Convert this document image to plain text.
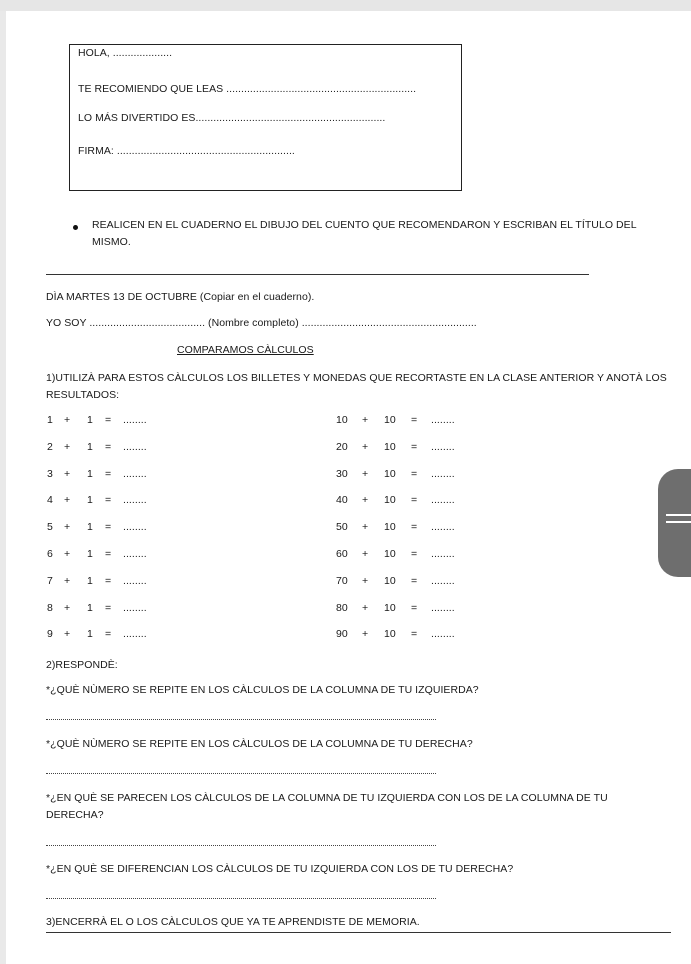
HOLA, ....................
TE RECOMIENDO QUE LEAS ................................................................
LO MÁS DIVERTIDO ES................................................................
FIRMA: ............................................................
REALICEN EN EL CUADERNO EL DIBUJO DEL CUENTO QUE RECOMENDARON Y ESCRIBAN EL TÍTULO DEL
MISMO.
DÌA MARTES 13 DE OCTUBRE (Copiar en el cuaderno).
YO SOY ....................................... (Nombre completo) ...........................................................
COMPARAMOS CÀLCULOS
1)UTILIZÀ PARA ESTOS CÀLCULOS LOS BILLETES Y MONEDAS QUE RECORTASTE EN LA CLASE ANTERIOR Y ANOTÀ LOS
RESULTADOS:
2)RESPONDÈ:
*¿QUÈ NÙMERO SE REPITE EN LOS CÀLCULOS DE LA COLUMNA DE TU IZQUIERDA?
*¿QUÈ NÙMERO SE REPITE EN LOS CÀLCULOS DE LA COLUMNA DE TU DERECHA?
*¿EN QUÈ SE PARECEN LOS CÀLCULOS DE LA COLUMNA DE TU IZQUIERDA CON LOS DE LA COLUMNA DE TU
DERECHA?
*¿EN QUÈ SE DIFERENCIAN LOS CÀLCULOS DE TU IZQUIERDA CON LOS DE TU DERECHA?
3)ENCERRÀ EL O LOS CÀLCULOS QUE YA TE APRENDISTE DE MEMORIA.
1 + 1 = ........
2 + 1 = ........
3 + 1 = ........
4 + 1 = ........
5 + 1 = ........
6 + 1 = ........
7 + 1 = ........
8 + 1 = ........
9 + 1 = ........
10 + 10 = ........
20 + 10 = ........
30 + 10 = ........
40 + 10 = ........
50 + 10 = ........
60 + 10 = ........
70 + 10 = ........
80 + 10 = ........
90 + 10 = ........
